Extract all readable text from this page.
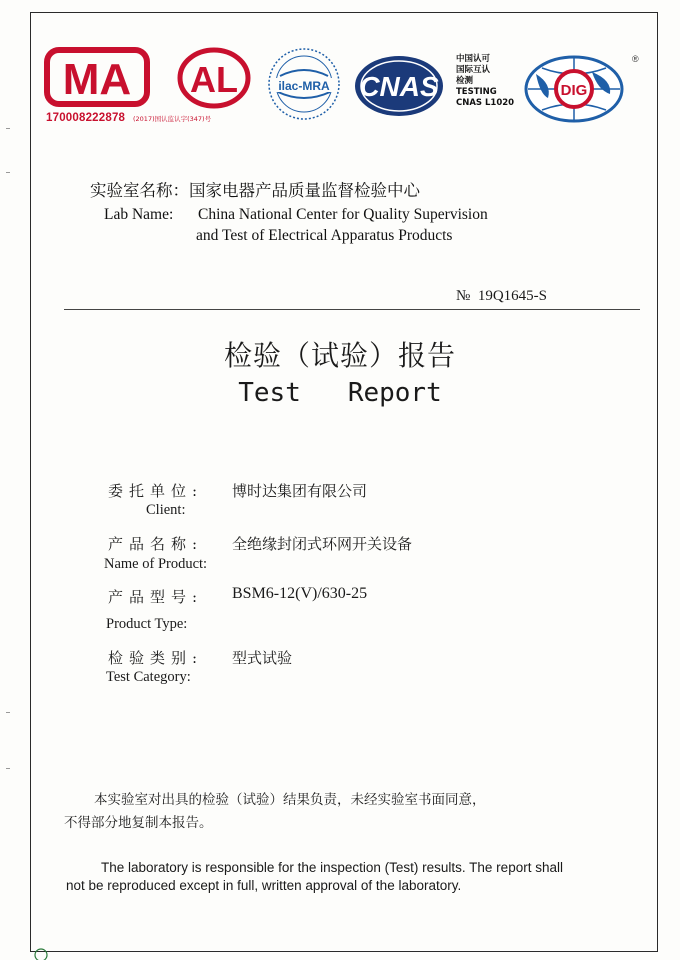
MA
170008222878 (2017)国认监认字(347)号
AL	ilac-MRA CNAS
中国认可
国际互认
检测
TESTING
CNAS L1020
DIG
®
实验室名称：国家电器产品质量监督检验中心
Lab Name: China National Center for Quality Supervision
and Test of Electrical Apparatus Products
№ 19Q1645-S
检验（试验）报告
Test   Report
委托单位: 博时达集团有限公司
Client:
产品名称: 全绝缘封闭式环网开关设备
Name of Product:
产品型号: BSM6-12(V)/630-25
Product Type:
检验类别: 型式试验
Test Category:
本实验室对出具的检验（试验）结果负责，未经实验室书面同意，
不得部分地复制本报告。
The laboratory is responsible for the inspection (Test) results. The report shall
not be reproduced except in full, written approval of the laboratory.
